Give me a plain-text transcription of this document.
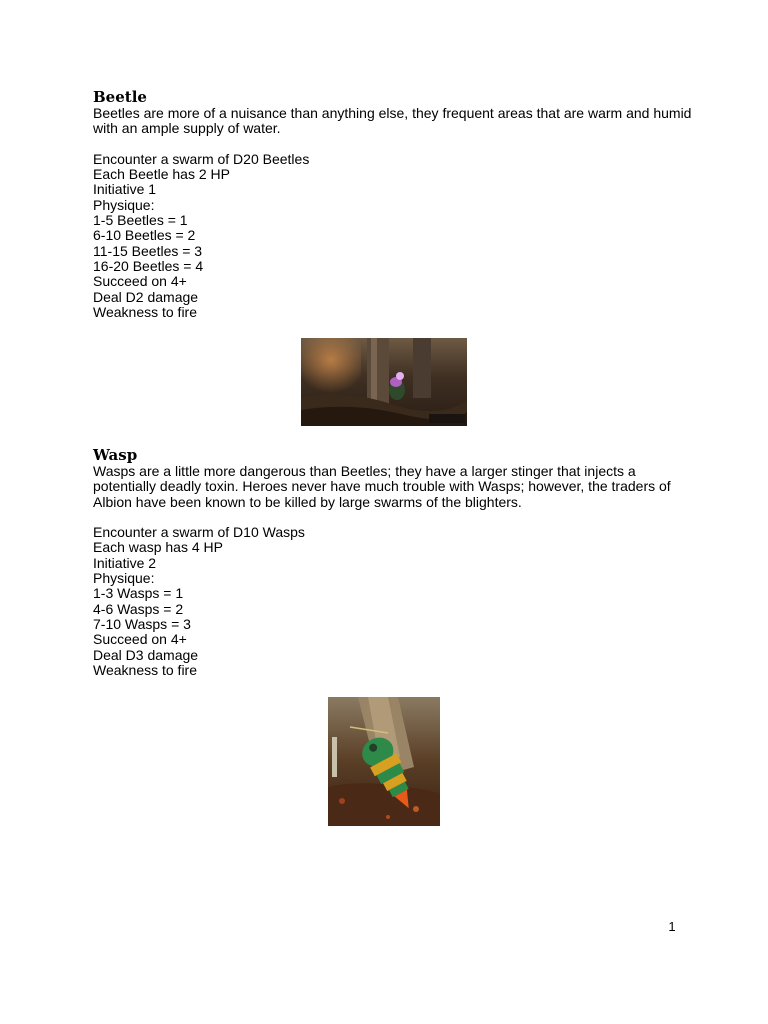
Beetle

Beetles are more of a nuisance than anything else, they frequent areas that are warm and humid with an ample supply of water.

Encounter a swarm of D20 Beetles
Each Beetle has 2 HP
Initiative 1
Physique:
1-5 Beetles = 1
6-10 Beetles = 2
11-15 Beetles = 3
16-20 Beetles = 4
Succeed on 4+
Deal D2 damage
Weakness to fire
Wasp

Wasps are a little more dangerous than Beetles; they have a larger stinger that injects a potentially deadly toxin. Heroes never have much trouble with Wasps; however, the traders of Albion have been known to be killed by large swarms of the blighters.

Encounter a swarm of D10 Wasps
Each wasp has 4 HP
Initiative 2
Physique:
1-3 Wasps = 1
4-6 Wasps = 2
7-10 Wasps = 3
Succeed on 4+
Deal D3 damage
Weakness to fire
1
